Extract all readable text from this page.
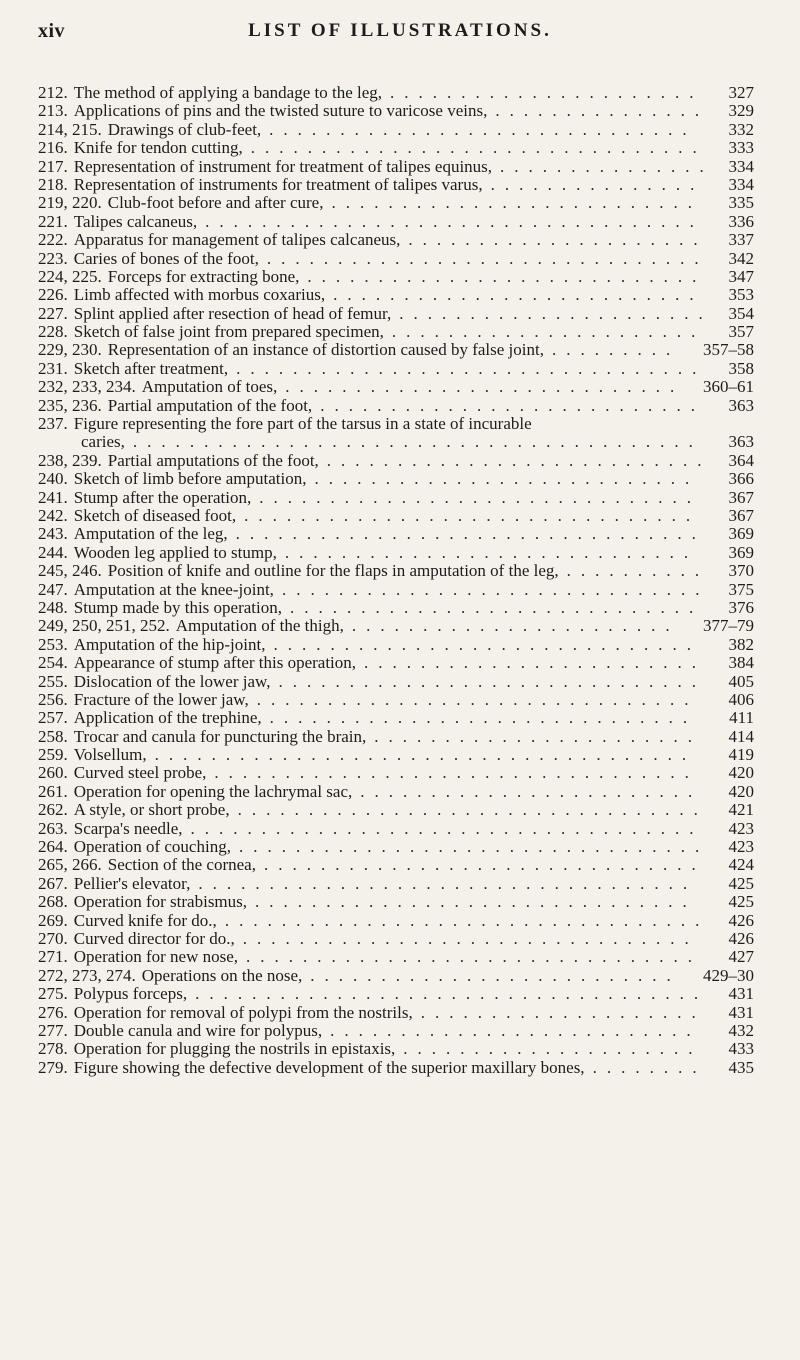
xiv	LIST OF ILLUSTRATIONS.
212. The method of applying a bandage to the leg,	327
......................
213. Applications of pins and the twisted suture to varicose veins,	329
...............
214, 215. Drawings of club-feet,	332
..............................
216. Knife for tendon cutting,	333
................................
217. Representation of instrument for treatment of talipes equinus,	334
...............
218. Representation of instruments for treatment of talipes varus,	334
...............
219, 220. Club-foot before and after cure,	335
..........................
221. Talipes calcaneus,	336
...................................
222. Apparatus for management of talipes calcaneus,	337
.....................
223. Caries of bones of the foot,	342
...............................
224, 225. Forceps for extracting bone,	347
............................
226. Limb affected with morbus coxarius,	353
..........................
227. Splint applied after resection of head of femur,	354
......................
228. Sketch of false joint from prepared specimen,	357
......................
229, 230. Representation of an instance of distortion caused by false joint,	357–58
.........
231. Sketch after treatment,	358
.................................
232, 233, 234. Amputation of toes,	360–61
............................
235, 236. Partial amputation of the foot,	363
...........................
237. Figure representing the fore part of the tarsus in a state of incurable
caries,	363
........................................
238, 239. Partial amputations of the foot,	364
...........................
240. Sketch of limb before amputation,	366
...........................
241. Stump after the operation,	367
...............................
242. Sketch of diseased foot,	367
................................
243. Amputation of the leg,	369
.................................
244. Wooden leg applied to stump,	369
.............................
245, 246. Position of knife and outline for the flaps in amputation of the leg,	370
..........
247. Amputation at the knee-joint,	375
..............................
248. Stump made by this operation,	376
.............................
249, 250, 251, 252. Amputation of the thigh,	377–79
.......................
253. Amputation of the hip-joint,	382
..............................
254. Appearance of stump after this operation,	384
........................
255. Dislocation of the lower jaw,	405
..............................
256. Fracture of the lower jaw,	406
...............................
257. Application of the trephine,	411
..............................
258. Trocar and canula for puncturing the brain,	414
.......................
259. Volsellum,	419
......................................
260. Curved steel probe,	420
..................................
261. Operation for opening the lachrymal sac,	420
........................
262. A style, or short probe,	421
.................................
263. Scarpa's needle,	423
....................................
264. Operation of couching,	423
.................................
265, 266. Section of the cornea,	424
...............................
267. Pellier's elevator,	425
...................................
268. Operation for strabismus,	425
...............................
269. Curved knife for do.,	426
..................................
270. Curved director for do.,	426
................................
271. Operation for new nose,	427
................................
272, 273, 274. Operations on the nose,	429–30
..........................
275. Polypus forceps,	431
....................................
276. Operation for removal of polypi from the nostrils,	431
....................
277. Double canula and wire for polypus,	432
..........................
278. Operation for plugging the nostrils in epistaxis,	433
.....................
279. Figure showing the defective development of the superior maxillary bones,	435
........
